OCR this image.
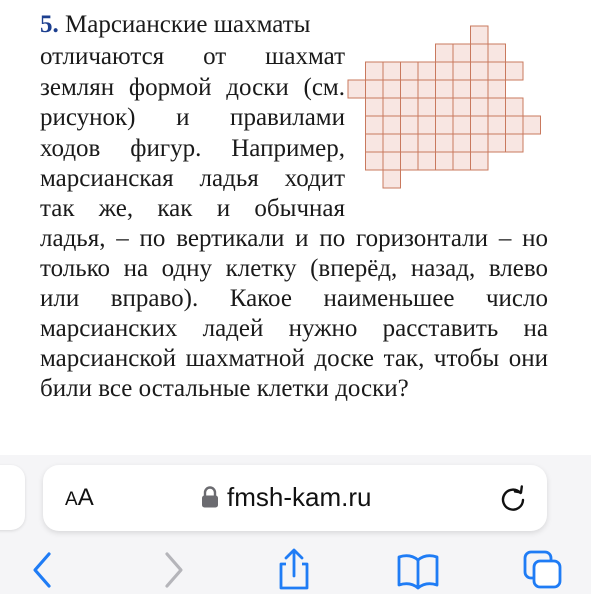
5. Марсианские шахматы
отличаются от шахмат
землян формой доски (см.
рисунок) и правилами
ходов фигур. Например,
марсианская ладья ходит
так же, как и обычная
ладья, – по вертикали и по горизонтали – но
только на одну клетку (вперёд, назад, влево
или вправо). Какое наименьшее число
марсианских ладей нужно расставить на
марсианской шахматной доске так, чтобы они
били все остальные клетки доски?
AA	fmsh-kam.ru
